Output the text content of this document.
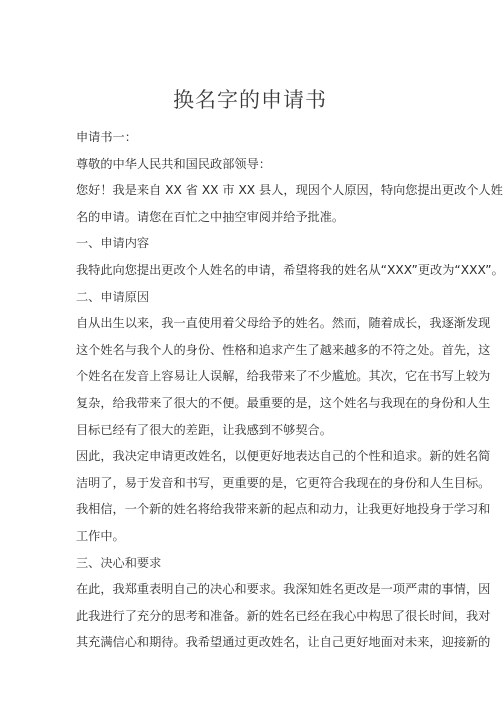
换名字的申请书
申请书一：
尊敬的中华人民共和国民政部领导：
您好！我是来自 XX 省 XX 市 XX 县人，现因个人原因，特向您提出更改个人姓
名的申请。请您在百忙之中抽空审阅并给予批准。
一、申请内容
我特此向您提出更改个人姓名的申请，希望将我的姓名从“XXX”更改为“XXX”。
二、申请原因
自从出生以来，我一直使用着父母给予的姓名。然而，随着成长，我逐渐发现
这个姓名与我个人的身份、性格和追求产生了越来越多的不符之处。首先，这
个姓名在发音上容易让人误解，给我带来了不少尴尬。其次，它在书写上较为
复杂，给我带来了很大的不便。最重要的是，这个姓名与我现在的身份和人生
目标已经有了很大的差距，让我感到不够契合。
因此，我决定申请更改姓名，以便更好地表达自己的个性和追求。新的姓名简
洁明了，易于发音和书写，更重要的是，它更符合我现在的身份和人生目标。
我相信，一个新的姓名将给我带来新的起点和动力，让我更好地投身于学习和
工作中。
三、决心和要求
在此，我郑重表明自己的决心和要求。我深知姓名更改是一项严肃的事情，因
此我进行了充分的思考和准备。新的姓名已经在我心中构思了很长时间，我对
其充满信心和期待。我希望通过更改姓名，让自己更好地面对未来，迎接新的
